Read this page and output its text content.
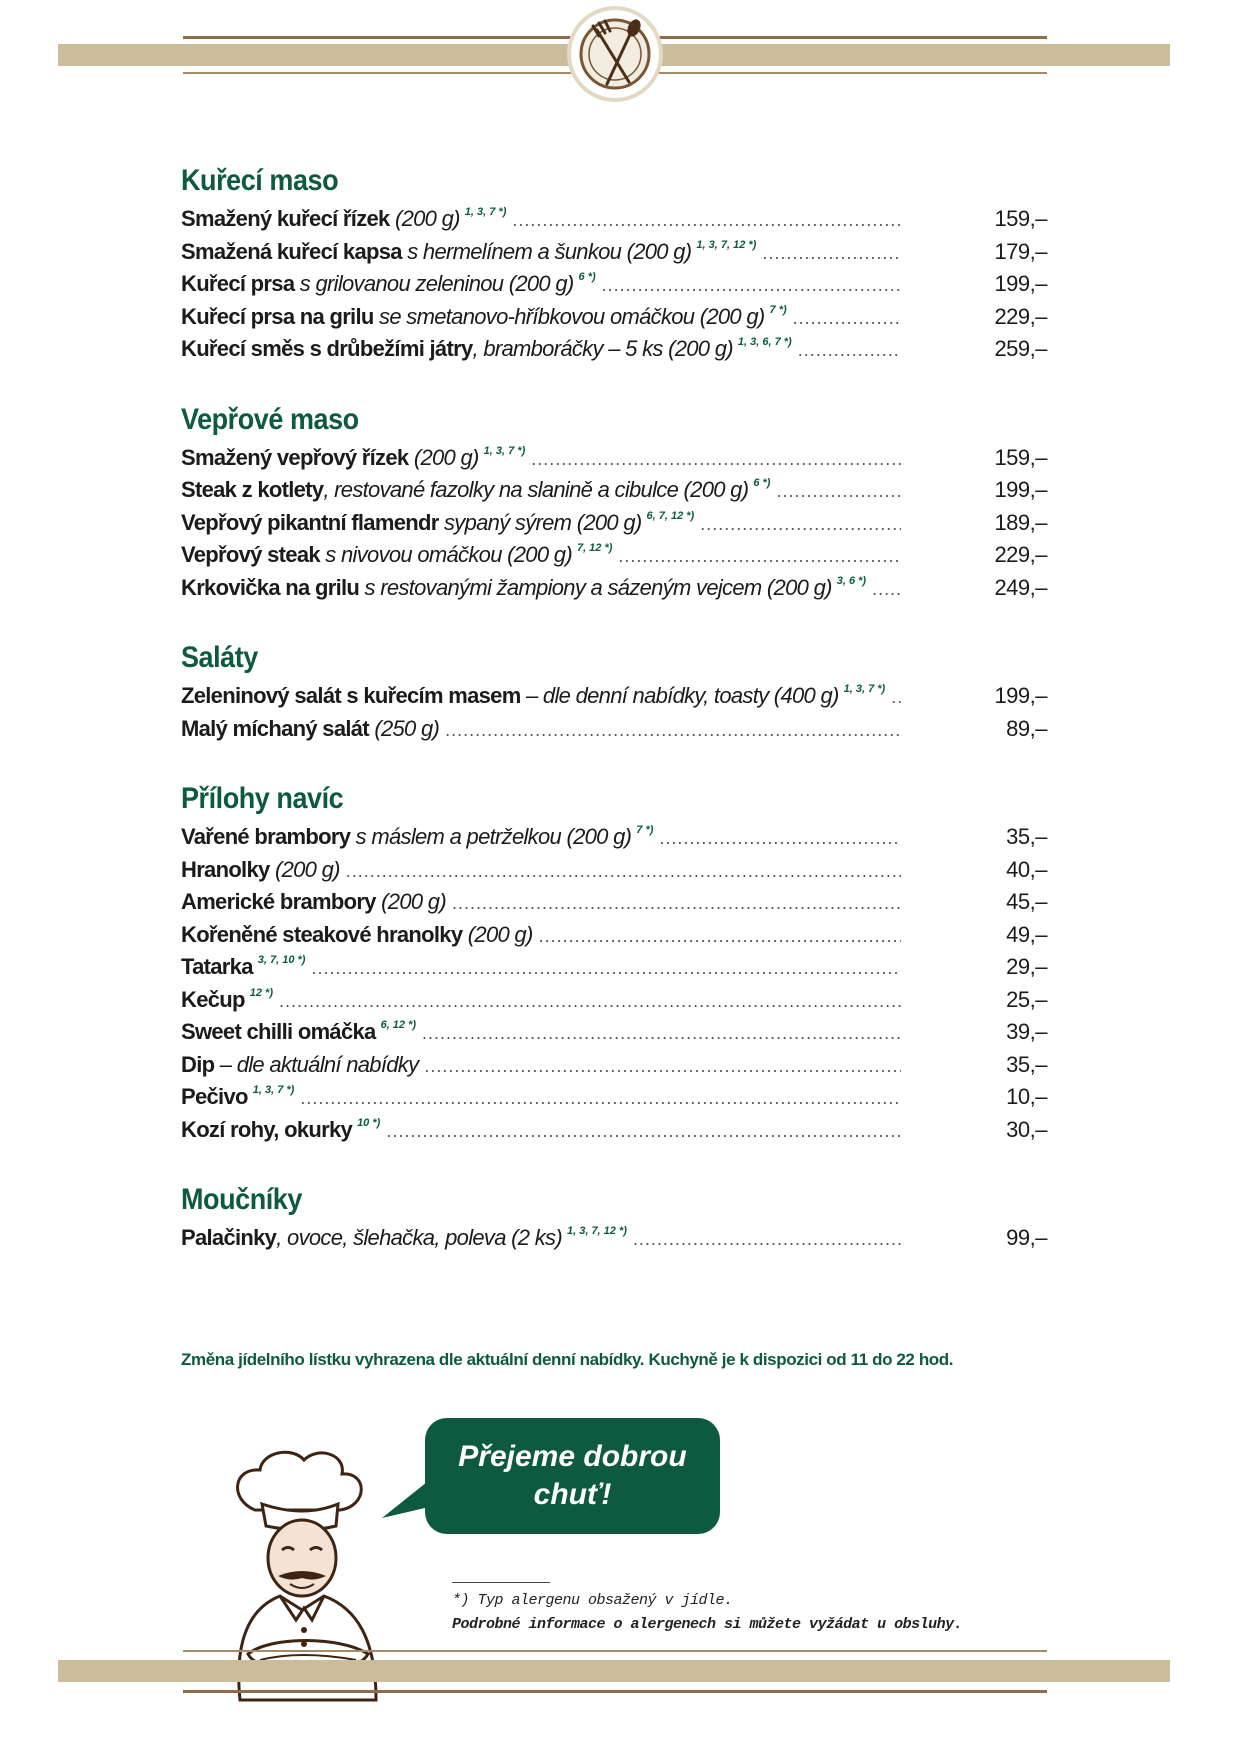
Kuřecí maso
Smažený kuřecí řízek (200 g) 1, 3, 7 *) .....	159,–
Smažená kuřecí kapsa s hermelínem a šunkou (200 g) 1, 3, 7, 12 *) .....	179,–
Kuřecí prsa s grilovanou zeleninou (200 g) 6 *) .....	199,–
Kuřecí prsa na grilu se smetanovo-hříbkovou omáčkou (200 g) 7 *) .....	229,–
Kuřecí směs s drůbežími játry , bramboráčky – 5 ks (200 g) 1, 3, 6, 7 *) .....	259,–
Vepřové maso
Smažený vepřový řízek (200 g) 1, 3, 7 *) .....	159,–
Steak z kotlety , restované fazolky na slanině a cibulce (200 g) 6 *) .....	199,–
Vepřový pikantní flamendr sypaný sýrem (200 g) 6, 7, 12 *) .....	189,–
Vepřový steak s nivovou omáčkou (200 g) 7, 12 *) .....	229,–
Krkovička na grilu s restovanými žampiony a sázeným vejcem (200 g) 3, 6 *) .....	249,–
Saláty
Zeleninový salát s kuřecím masem – dle denní nabídky, toasty (400 g) 1, 3, 7 *) .....	199,–
Malý míchaný salát (250 g) .....	89,–
Přílohy navíc
Vařené brambory s máslem a petrželkou (200 g) 7 *) .....	35,–
Hranolky (200 g) .....	40,–
Americké brambory (200 g) .....	45,–
Kořeněné steakové hranolky (200 g) .....	49,–
Tatarka 3, 7, 10 *) .....	29,–
Kečup 12 *) .....	25,–
Sweet chilli omáčka 6, 12 *) .....	39,–
Dip – dle aktuální nabídky .....	35,–
Pečivo 1, 3, 7 *) .....	10,–
Kozí rohy, okurky 10 *) .....	30,–
Moučníky
Palačinky , ovoce, šlehačka, poleva (2 ks) 1, 3, 7, 12 *) .....	99,–
Změna jídelního lístku vyhrazena dle aktuální denní nabídky. Kuchyně je k dispozici od 11 do 22 hod.
Přejeme dobrou chuť!
*) Typ alergenu obsažený v jídle.
Podrobné informace o alergenech si můžete vyžádat u obsluhy.
